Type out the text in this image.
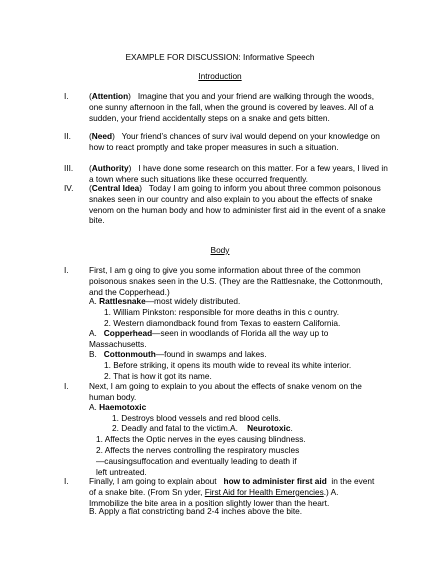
EXAMPLE FOR DISCUSSION: Informative Speech
Introduction
I. (Attention)   Imagine that you and your friend are walking through the woods, one sunny afternoon in the fall, when the ground is covered by leaves. All of a sudden, your friend accidentally steps on a snake and gets bitten.
II. (Need)   Your friend’s chances of surv ival would depend on your knowledge on how to react promptly and take proper measures in such a situation.
III. (Authority)   I have done some research on this matter. For a few years, I lived in a town where such situations like these occurred frequently.
IV. (Central Idea)   Today I am going to inform you about three common poisonous snakes seen in our country and also explain to you about the effects of snake venom on the human body and how to administer first aid in the event of a snake bite.
Body
I. First, I am g oing to give you some information about three of the common poisonous snakes seen in the U.S. (They are the Rattlesnake, the Cottonmouth, and the Copperhead.)
A. Rattlesnake—most widely distributed.
1. William Pinkston: responsible for more deaths in this c ountry.
2. Western diamondback found from Texas to eastern California.
A. Copperhead—seen in woodlands of Florida all the way up to Massachusetts.
B. Cottonmouth—found in swamps and lakes.
1. Before striking, it opens its mouth wide to reveal its white interior.
2. That is how it got its name.
I. Next, I am going to explain to you about the effects of snake venom on the human body.
A. Haemotoxic
1. Destroys blood vessels and red blood cells.
2. Deadly and fatal to the victim.A. Neurotoxic.
1. Affects the Optic nerves in the eyes causing blindness.
2. Affects the nerves controlling the respiratory muscles—causingsuffocation and eventually leading to death if left untreated.
I. Finally, I am going to explain about how to administer first aid in the event of a snake bite. (From Sn yder, First Aid for Health Emergencies.) A. Immobilize the bite area in a position slightly lower than the heart.
B. Apply a flat constricting band 2-4 inches above the bite.
